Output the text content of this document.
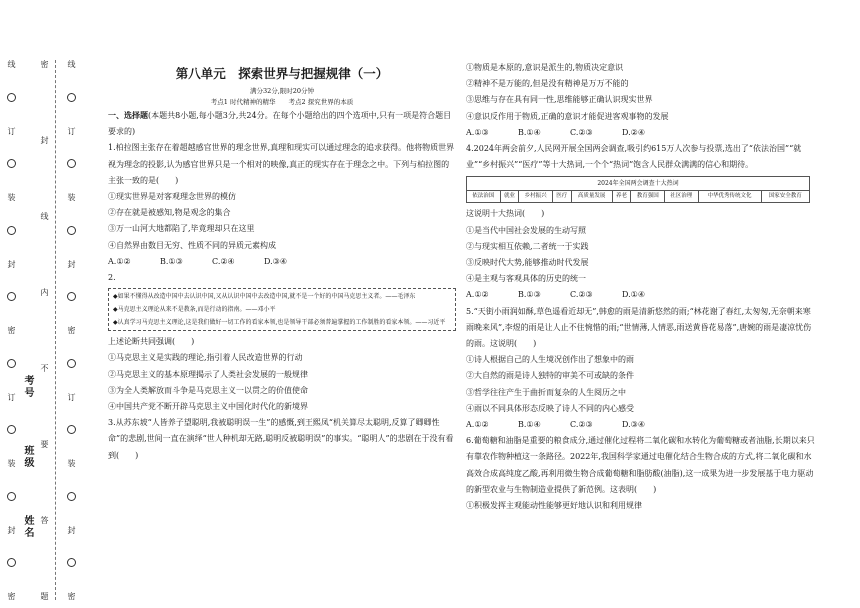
密
封
线
内
不
要
答
题
线
订
装
封
密
订
装
封
密
考号
班级
姓名
线
订
装
封
密
订
装
封
密
第八单元　探索世界与把握规律（一）
满分32分,限时20分钟
考点1 时代精神的精华　　考点2 探究世界的本质

一、选择题(本题共8小题,每小题3分,共24分。在每个小题给出的四个选项中,只有一项是符合题目要求的)

1.柏拉图主张存在着超越感官世界的理念世界,真理和现实可以通过理念的追求获得。他将物质世界视为理念的投影,认为感官世界只是一个相对的映像,真正的现实存在于理念之中。下列与柏拉图的主张一致的是(　　)

①现实世界是对客观理念世界的模仿

②存在就是被感知,物是观念的集合

③万一山河大地都陷了,毕竟理却只在这里

④自然界由数目无穷、性质不同的异质元素构成

A.①②	B.①③	C.②④	D.③④

2.

◆如果不懂得从改造中国中去认识中国,又从认识中国中去改造中国,就不是一个好的中国马克思主义者。——毛泽东
◆马克思主义理论从来不是教条,而是行动的指南。——邓小平
◆认真学习马克思主义理论,这是我们做好一切工作的看家本领,也是领导干部必须普遍掌握的工作制胜的看家本领。——习近平

上述论断共同强调(　　)

①马克思主义是实践的理论,指引着人民改造世界的行动

②马克思主义的基本原理揭示了人类社会发展的一般规律

③为全人类解放而斗争是马克思主义一以贯之的价值使命

④中国共产党不断开辟马克思主义中国化时代化的新境界

3.从苏东坡“人皆养子望聪明,我被聪明误一生”的感慨,到王熙凤“机关算尽太聪明,反算了卿卿性命”的悲剧,世间一直在演绎“世人种机却无路,聪明反被聪明误”的事实。“聪明人”的悲剧在于没有看到(　　)

①物质是本原的,意识是派生的,物质决定意识

②精神不是万能的,但是没有精神是万万不能的

③思维与存在具有同一性,思维能够正确认识现实世界

④意识反作用于物质,正确的意识才能促进客观事物的发展

A.①③	B.①④	C.②③	D.②④

4.2024年两会前夕,人民网开展全国两会调查,吸引约615万人次参与投票,选出了“依法治国”“就业”“乡村振兴”“医疗”等十大热词,一个个“热词”饱含人民群众满满的信心和期待。

2024年全国两会调查十大热词
依法治国	就业	乡村振兴	医疗	高质量发展	养老	教育强国	社区治理	中华优秀传统文化	国家安全教育

这说明十大热词(　　)

①是当代中国社会发展的生动写照

②与现实相互依赖,二者统一于实践

③反映时代大势,能够推动时代发展

④是主观与客观具体的历史的统一

A.①②	B.①③	C.②③	D.①④

5.“天街小雨润如酥,草色遥看近却无”,韩愈的雨是清新悠然的雨;“林花谢了春红,太匆匆,无奈朝来寒雨晚来风”,李煜的雨是让人止不住惋惜的雨;“世情薄,人情恶,雨送黄昏花易落”,唐婉的雨是凄凉忧伤的雨。这说明(　　)

①诗人根据自己的人生境况创作出了想象中的雨

②大自然的雨是诗人独特的审美不可或缺的条件

③哲学往往产生于曲折而复杂的人生阅历之中

④雨以不同具体形态反映了诗人不同的内心感受

A.①②	B.①④	C.②③	D.③④

6.葡萄糖和油脂是重要的粮食成分,通过催化过程将二氧化碳和水转化为葡萄糖或者油脂,长期以来只有靠农作物种植这一条路径。2022年,我国科学家通过电催化结合生物合成的方式,将二氧化碳和水高效合成高纯度乙酸,再利用微生物合成葡萄糖和脂肪酸(油脂),这一成果为进一步发展基于电力驱动的新型农业与生物制造业提供了新范例。这表明(　　)

①积极发挥主观能动性能够更好地认识和利用规律
